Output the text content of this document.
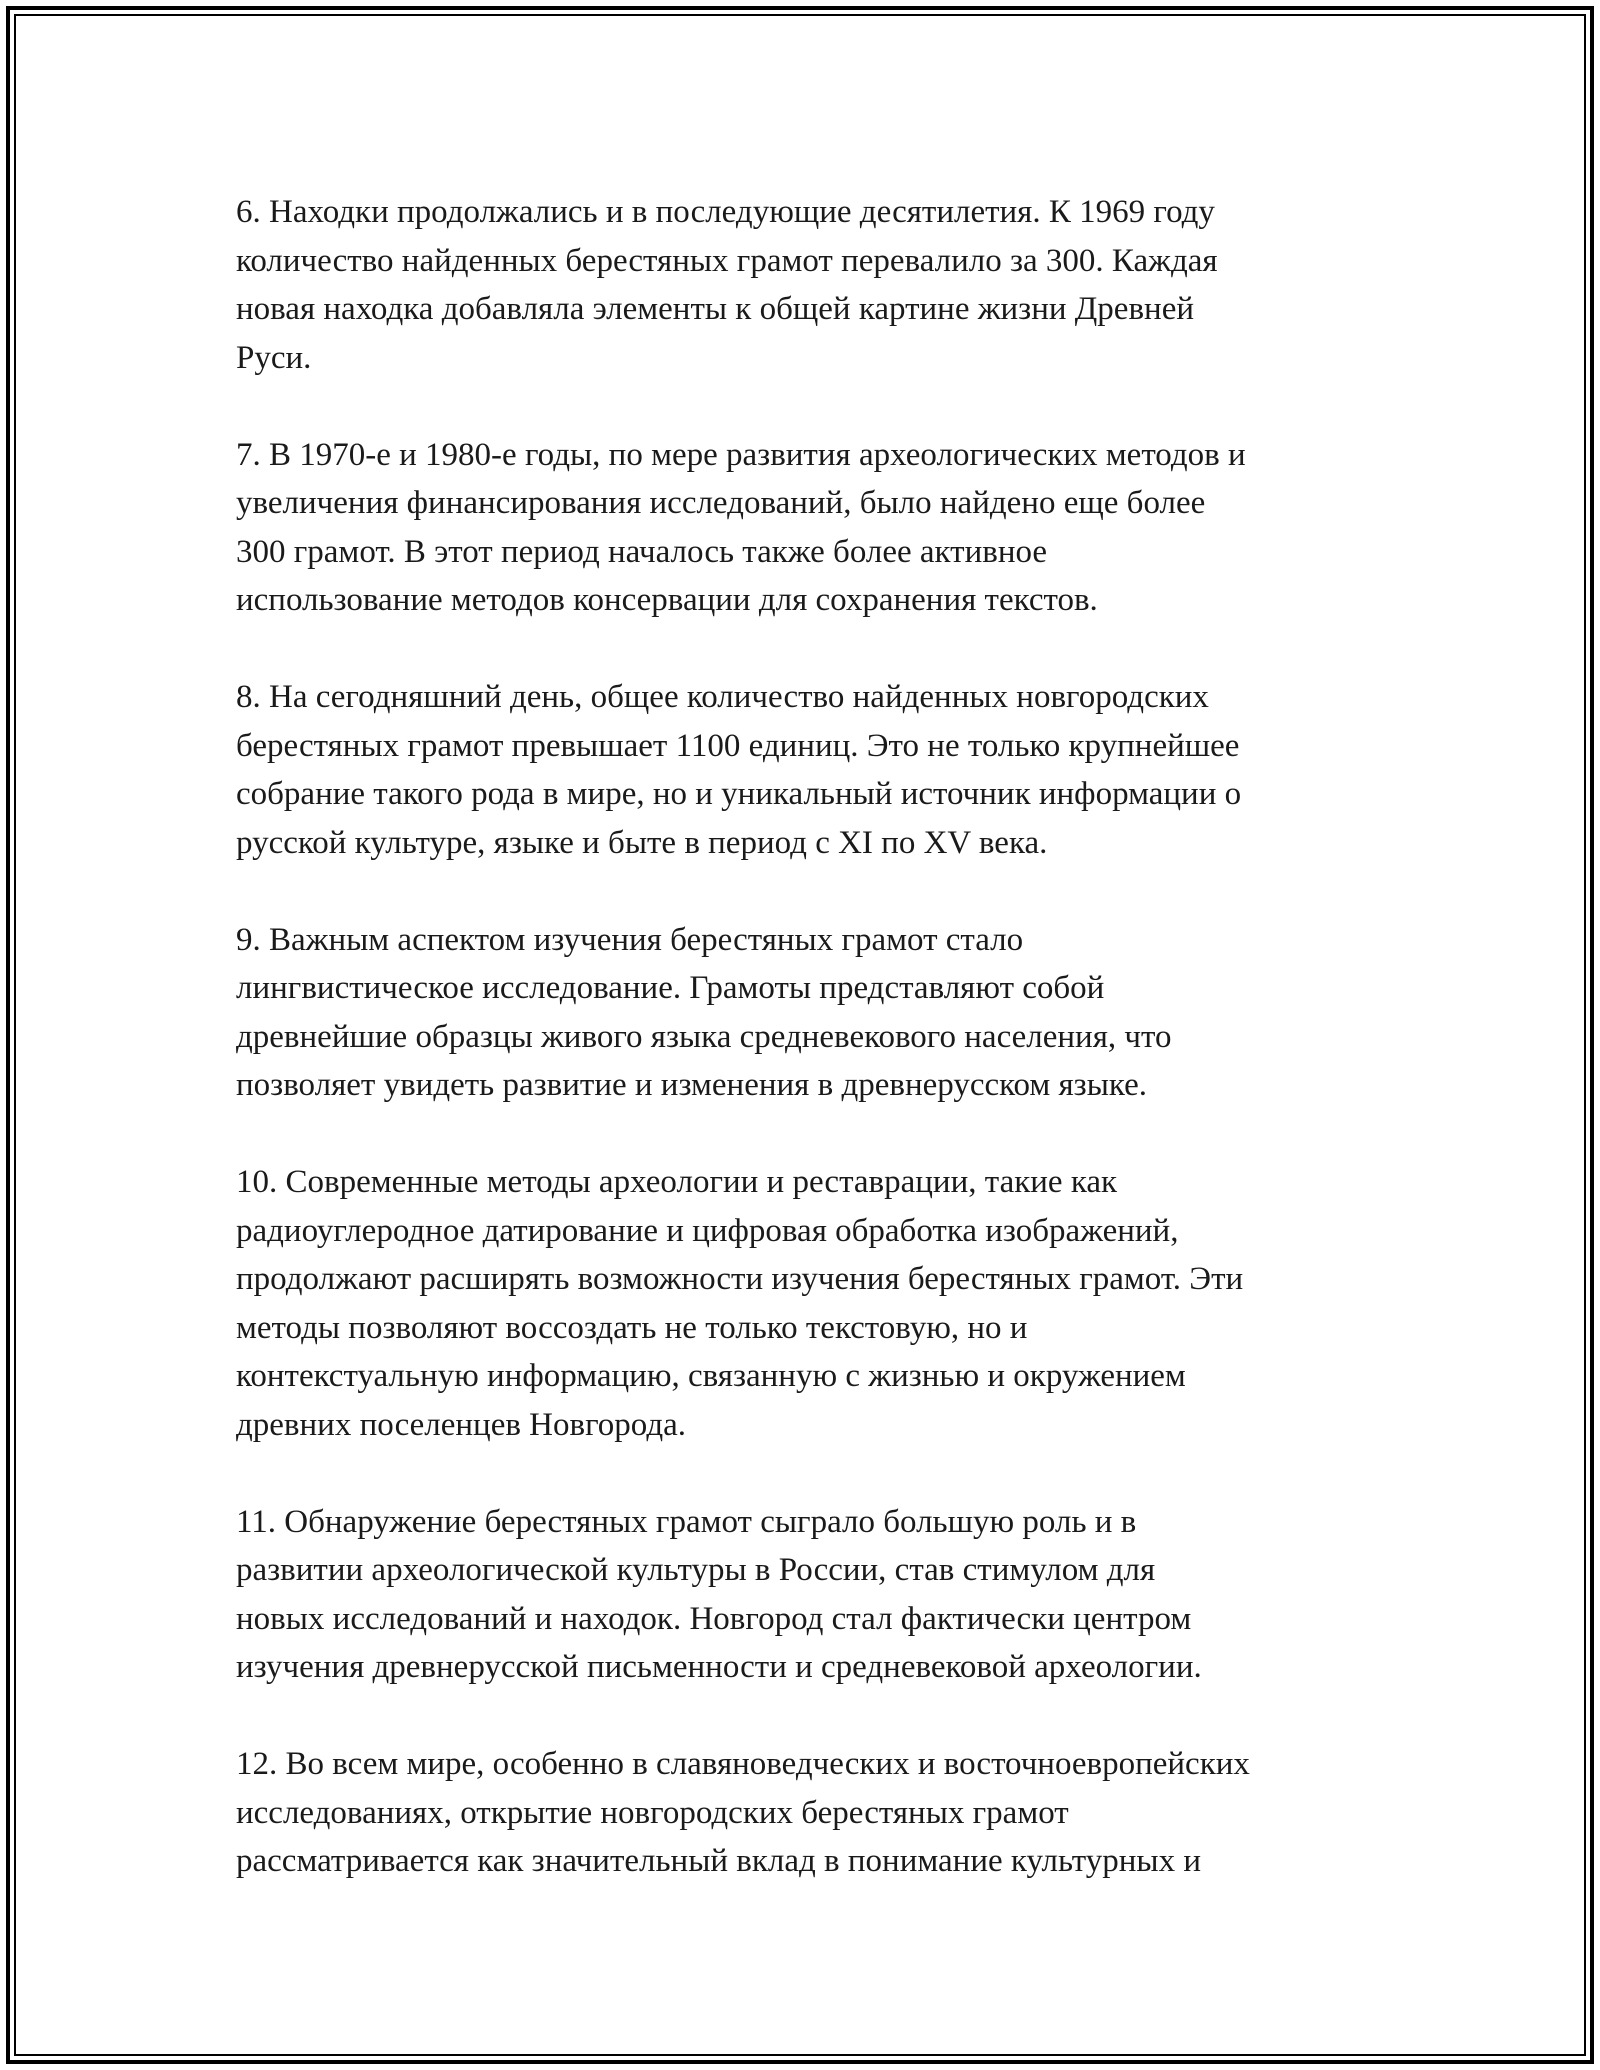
6. Находки продолжались и в последующие десятилетия. К 1969 году
количество найденных берестяных грамот перевалило за 300. Каждая
новая находка добавляла элементы к общей картине жизни Древней
Руси.

7. В 1970-е и 1980-е годы, по мере развития археологических методов и
увеличения финансирования исследований, было найдено еще более
300 грамот. В этот период началось также более активное
использование методов консервации для сохранения текстов.

8. На сегодняшний день, общее количество найденных новгородских
берестяных грамот превышает 1100 единиц. Это не только крупнейшее
собрание такого рода в мире, но и уникальный источник информации о
русской культуре, языке и быте в период с XI по XV века.

9. Важным аспектом изучения берестяных грамот стало
лингвистическое исследование. Грамоты представляют собой
древнейшие образцы живого языка средневекового населения, что
позволяет увидеть развитие и изменения в древнерусском языке.

10. Современные методы археологии и реставрации, такие как
радиоуглеродное датирование и цифровая обработка изображений,
продолжают расширять возможности изучения берестяных грамот. Эти
методы позволяют воссоздать не только текстовую, но и
контекстуальную информацию, связанную с жизнью и окружением
древних поселенцев Новгорода.

11. Обнаружение берестяных грамот сыграло большую роль и в
развитии археологической культуры в России, став стимулом для
новых исследований и находок. Новгород стал фактически центром
изучения древнерусской письменности и средневековой археологии.

12. Во всем мире, особенно в славяноведческих и восточноевропейских
исследованиях, открытие новгородских берестяных грамот
рассматривается как значительный вклад в понимание культурных и
